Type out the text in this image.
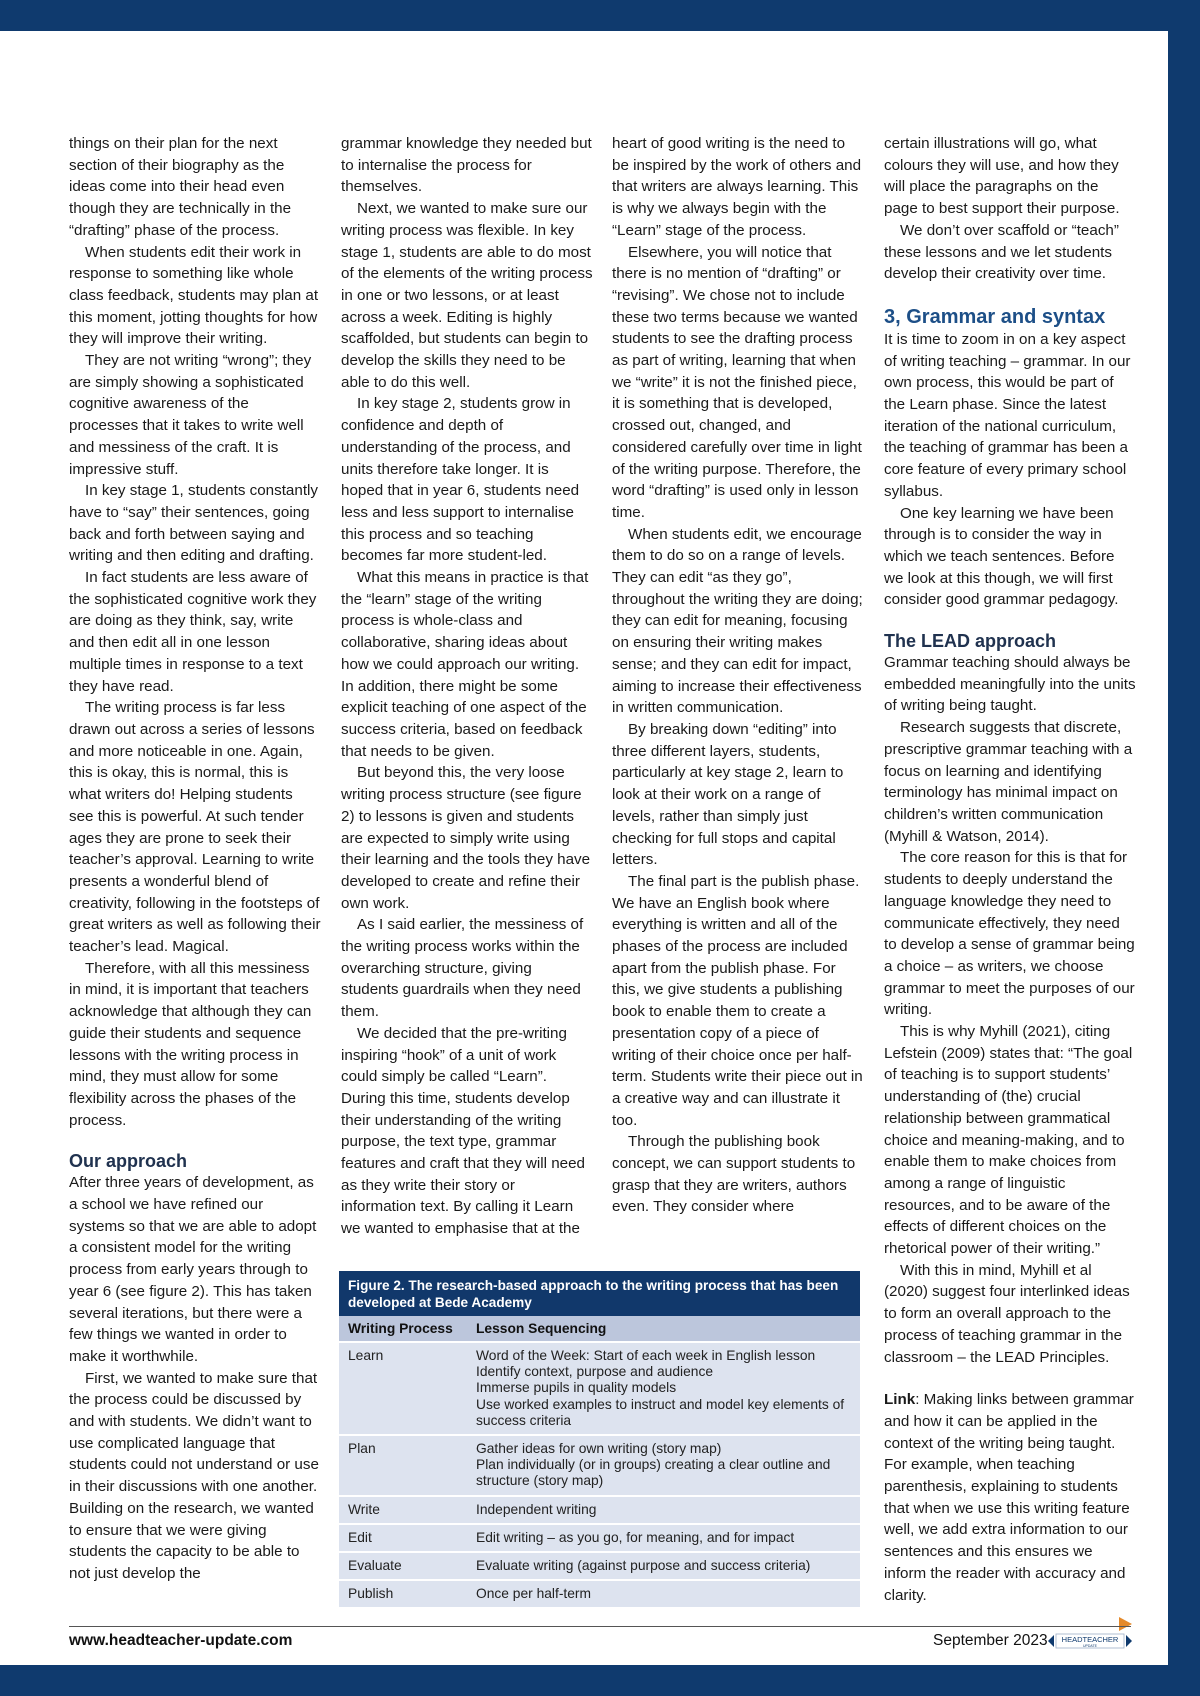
things on their plan for the next section of their biography as the ideas come into their head even though they are technically in the “drafting” phase of the process.

When students edit their work in response to something like whole class feedback, students may plan at this moment, jotting thoughts for how they will improve their writing.

They are not writing “wrong”; they are simply showing a sophisticated cognitive awareness of the processes that it takes to write well and messiness of the craft. It is impressive stuff.

In key stage 1, students constantly have to “say” their sentences, going back and forth between saying and writing and then editing and drafting.

In fact students are less aware of the sophisticated cognitive work they are doing as they think, say, write and then edit all in one lesson multiple times in response to a text they have read.

The writing process is far less drawn out across a series of lessons and more noticeable in one. Again, this is okay, this is normal, this is what writers do! Helping students see this is powerful. At such tender ages they are prone to seek their teacher’s approval. Learning to write presents a wonderful blend of creativity, following in the footsteps of great writers as well as following their teacher’s lead. Magical.

Therefore, with all this messiness in mind, it is important that teachers acknowledge that although they can guide their students and sequence lessons with the writing process in mind, they must allow for some flexibility across the phases of the process.

Our approach

After three years of development, as a school we have refined our systems so that we are able to adopt a consistent model for the writing process from early years through to year 6 (see figure 2). This has taken several iterations, but there were a few things we wanted in order to make it worthwhile.

First, we wanted to make sure that the process could be discussed by and with students. We didn’t want to use complicated language that students could not understand or use in their discussions with one another. Building on the research, we wanted to ensure that we were giving students the capacity to be able to not just develop the

grammar knowledge they needed but to internalise the process for themselves.

Next, we wanted to make sure our writing process was flexible. In key stage 1, students are able to do most of the elements of the writing process in one or two lessons, or at least across a week. Editing is highly scaffolded, but students can begin to develop the skills they need to be able to do this well.

In key stage 2, students grow in confidence and depth of understanding of the process, and units therefore take longer. It is hoped that in year 6, students need less and less support to internalise this process and so teaching becomes far more student-led.

What this means in practice is that the “learn” stage of the writing process is whole-class and collaborative, sharing ideas about how we could approach our writing. In addition, there might be some explicit teaching of one aspect of the success criteria, based on feedback that needs to be given.

But beyond this, the very loose writing process structure (see figure 2) to lessons is given and students are expected to simply write using their learning and the tools they have developed to create and refine their own work.

As I said earlier, the messiness of the writing process works within the overarching structure, giving students guardrails when they need them.

We decided that the pre-writing inspiring “hook” of a unit of work could simply be called “Learn”. During this time, students develop their understanding of the writing purpose, the text type, grammar features and craft that they will need as they write their story or information text. By calling it Learn we wanted to emphasise that at the

heart of good writing is the need to be inspired by the work of others and that writers are always learning. This is why we always begin with the “Learn” stage of the process.

Elsewhere, you will notice that there is no mention of “drafting” or “revising”. We chose not to include these two terms because we wanted students to see the drafting process as part of writing, learning that when we “write” it is not the finished piece, it is something that is developed, crossed out, changed, and considered carefully over time in light of the writing purpose. Therefore, the word “drafting” is used only in lesson time.

When students edit, we encourage them to do so on a range of levels. They can edit “as they go”, throughout the writing they are doing; they can edit for meaning, focusing on ensuring their writing makes sense; and they can edit for impact, aiming to increase their effectiveness in written communication.

By breaking down “editing” into three different layers, students, particularly at key stage 2, learn to look at their work on a range of levels, rather than simply just checking for full stops and capital letters.

The final part is the publish phase. We have an English book where everything is written and all of the phases of the process are included apart from the publish phase. For this, we give students a publishing book to enable them to create a presentation copy of a piece of writing of their choice once per half-term. Students write their piece out in a creative way and can illustrate it too.

Through the publishing book concept, we can support students to grasp that they are writers, authors even. They consider where

certain illustrations will go, what colours they will use, and how they will place the paragraphs on the page to best support their purpose.

We don’t over scaffold or “teach” these lessons and we let students develop their creativity over time.

3, Grammar and syntax

It is time to zoom in on a key aspect of writing teaching – grammar. In our own process, this would be part of the Learn phase. Since the latest iteration of the national curriculum, the teaching of grammar has been a core feature of every primary school syllabus.

One key learning we have been through is to consider the way in which we teach sentences. Before we look at this though, we will first consider good grammar pedagogy.

The LEAD approach

Grammar teaching should always be embedded meaningfully into the units of writing being taught.

Research suggests that discrete, prescriptive grammar teaching with a focus on learning and identifying terminology has minimal impact on children’s written communication (Myhill & Watson, 2014).

The core reason for this is that for students to deeply understand the language knowledge they need to communicate effectively, they need to develop a sense of grammar being a choice – as writers, we choose grammar to meet the purposes of our writing.

This is why Myhill (2021), citing Lefstein (2009) states that: “The goal of teaching is to support students’ understanding of (the) crucial relationship between grammatical choice and meaning-making, and to enable them to make choices from among a range of linguistic resources, and to be aware of the effects of different choices on the rhetorical power of their writing.”

With this in mind, Myhill et al (2020) suggest four interlinked ideas to form an overall approach to the process of teaching grammar in the classroom – the LEAD Principles.

Link: Making links between grammar and how it can be applied in the context of the writing being taught. For example, when teaching parenthesis, explaining to students that when we use this writing feature well, we add extra information to our sentences and this ensures we inform the reader with accuracy and clarity.

Figure 2. The research-based approach to the writing process that has been developed at Bede Academy
Writing Process	Lesson Sequencing
Learn	Word of the Week: Start of each week in English lesson
Identify context, purpose and audience
Immerse pupils in quality models
Use worked examples to instruct and model key elements of success criteria

Plan	Gather ideas for own writing (story map)
Plan individually (or in groups) creating a clear outline and structure (story map)

Write	Independent writing

Edit	Edit writing – as you go, for meaning, and for impact

Evaluate	Evaluate writing (against purpose and success criteria)

Publish	Once per half-term
www.headteacher-update.com	September 2023 HEADTEACHER
UPDATE
